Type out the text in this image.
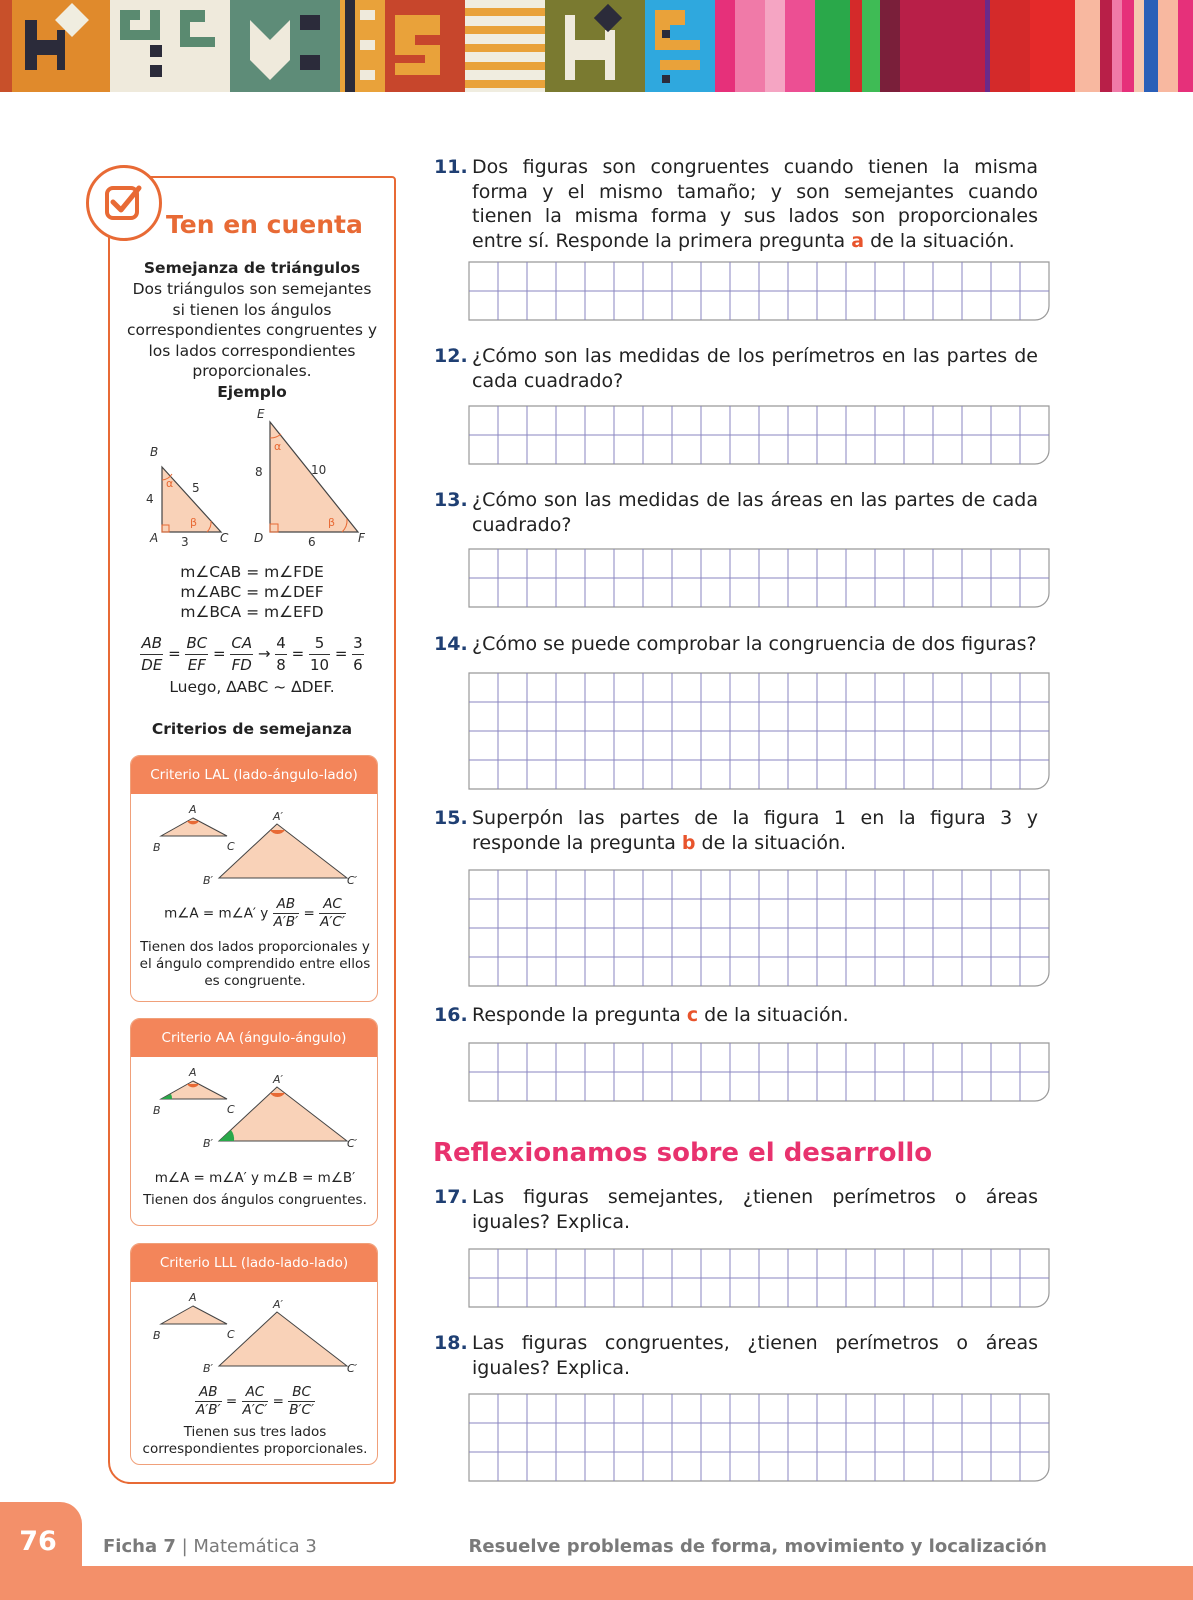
Ten en cuenta
Semejanza de triángulos
Dos triángulos son semejantes si tienen los ángulos correspondientes congruentes y los lados correspondientes proporcionales.
Ejemplo
B
A	C
E
D	F
4
3
5
α
β
8
6
10
α
β
m∠CAB = m∠FDE
m∠ABC = m∠DEF
m∠BCA = m∠EFD
$\frac{AB}{DE} = \frac{BC}{EF} = \frac{CA}{FD} \to \frac{4}{8} = \frac{5}{10} = \frac{3}{6}$
Luego, ∆ABC ~ ∆DEF.
Criterios de semejanza
Criterio LAL (lado-ángulo-lado)
A
B	C
A′
B′	C′
m∠A = m∠A′ y $\frac{AB}{A'B'} = \frac{AC}{A'C'}$
Tienen dos lados proporcionales y el ángulo comprendido entre ellos es congruente.
Criterio AA (ángulo-ángulo)
A
B	C
A′
B′	C′
m∠A = m∠A′ y m∠B = m∠B′
Tienen dos ángulos congruentes.
Criterio LLL (lado-lado-lado)
A
B	C
A′
B′	C′
$\frac{AB}{A'B'} = \frac{AC}{A'C'} = \frac{BC}{B'C'}$
Tienen sus tres lados correspondientes proporcionales.
11. Dos figuras son congruentes cuando tienen la misma forma y el mismo tamaño; y son semejantes cuando tienen la misma forma y sus lados son proporcionales entre sí. Responde la primera pregunta a de la situación.
12. ¿Cómo son las medidas de los perímetros en las partes de cada cuadrado?
13. ¿Cómo son las medidas de las áreas en las partes de cada cuadrado?
14. ¿Cómo se puede comprobar la congruencia de dos figuras?
15. Superpón las partes de la figura 1 en la figura 3 y responde la pregunta b de la situación.
16. Responde la pregunta c de la situación.
Reflexionamos sobre el desarrollo
17. Las figuras semejantes, ¿tienen perímetros o áreas iguales? Explica.
18. Las figuras congruentes, ¿tienen perímetros o áreas iguales? Explica.
76	Ficha 7 | Matemática 3	Resuelve problemas de forma, movimiento y localización
